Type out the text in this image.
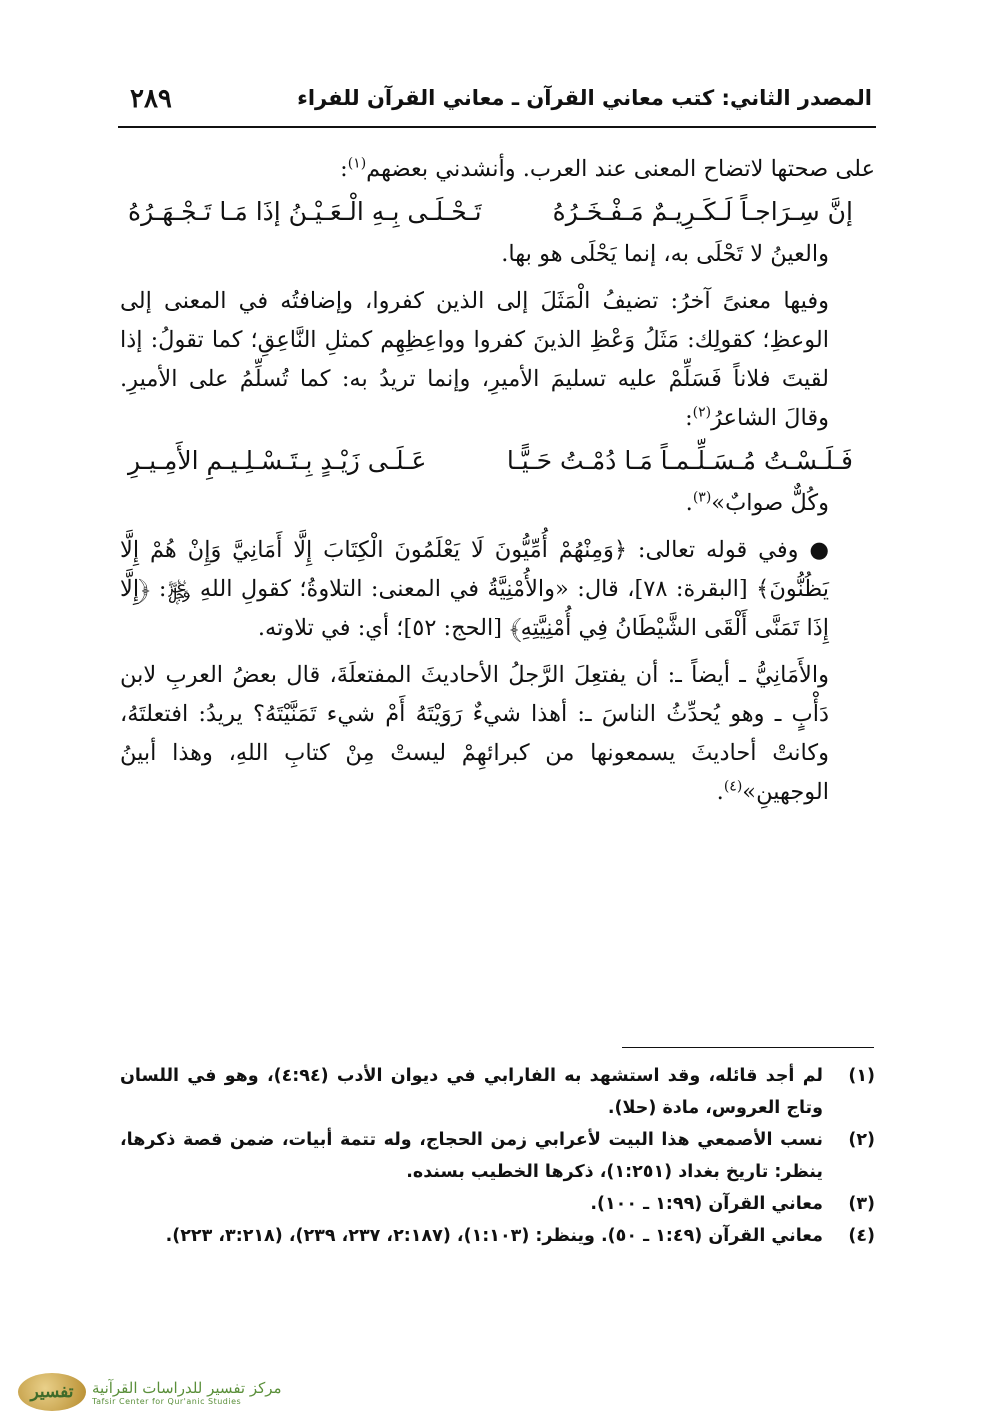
٢٨٩	المصدر الثاني: كتب معاني القرآن ـ معاني القرآن للفراء

على صحتها لاتضاح المعنى عند العرب. وأنشدني بعضهم$^{(١)}$:

إنَّ سِـرَاجـاً لَـكَـرِيـمٌ مَـفْـخَـرُهُ
تَـحْـلَـى بِـهِ الْـعَـيْـنُ إذَا مَـا تَـجْـهَـرُهُ

والعينُ لا تَحْلَى به، إنما يَحْلَى هو بها.

وفيها معنىً آخرُ: تضيفُ الْمَثَلَ إلى الذين كفروا، وإضافتُه في المعنى إلى الوعظِ؛ كقولِك: مَثَلُ وَعْظِ الذينَ كفروا وواعِظِهِم كمثلِ النَّاعِقِ؛ كما تقولُ: إذا لقيتَ فلاناً فَسَلِّمْ عليه تسليمَ الأميرِ، وإنما تريدُ به: كما تُسلِّمُ على الأميرِ. وقالَ الشاعرُ$^{(٢)}$:

فَـلَـسْـتُ مُـسَـلِّـمـاً مَـا دُمْـتُ حَـيًّـا
عَـلَـى زَيْـدٍ بِـتَـسْـلِـيـمِ الأَمِـيـرِ

وكُلٌّ صوابٌ»$^{(٣)}$.

● وفي قوله تعالى: ﴿وَمِنْهُمْ أُمِّيُّونَ لَا يَعْلَمُونَ الْكِتَابَ إِلَّا أَمَانِيَّ وَإِنْ هُمْ إِلَّا يَظُنُّونَ﴾ [البقرة: ٧٨]، قال: «والأُمْنِيَّةُ في المعنى: التلاوةُ؛ كقولِ اللهِ ﷿: ﴿إِلَّا إِذَا تَمَنَّى أَلْقَى الشَّيْطَانُ فِي أُمْنِيَّتِهِ﴾ [الحج: ٥٢]؛ أي: في تلاوته.

والأَمَانِيُّ ـ أيضاً ـ: أن يفتعِلَ الرَّجلُ الأحاديثَ المفتعلَةَ، قال بعضُ العربِ لابن دَأْبٍ ـ وهو يُحدِّثُ الناسَ ـ: أهذا شيءٌ رَوَيْتَهُ أَمْ شيء تَمَنَّيْتَهُ؟ يريدُ: افتعلتَهُ، وكانتْ أحاديثَ يسمعونها من كبرائهِمْ ليستْ مِنْ كتابِ اللهِ، وهذا أبينُ الوجهينِ»$^{(٤)}$.

(١)
لم أجد قائله، وقد استشهد به الفارابي في ديوان الأدب (٤:٩٤)، وهو في اللسان وتاج العروس، مادة (حلا).
(٢)
نسب الأصمعي هذا البيت لأعرابي زمن الحجاج، وله تتمة أبيات، ضمن قصة ذكرها، ينظر: تاريخ بغداد (١:٢٥١)، ذكرها الخطيب بسنده.
(٣)
معاني القرآن (١:٩٩ ـ ١٠٠).
(٤)
معاني القرآن (١:٤٩ ـ ٥٠). وينظر: (١:١٠٣)، (٢:١٨٧، ٢٣٧، ٢٣٩)، (٣:٢١٨، ٢٢٣).
تفسير	مركز تفسير للدراسات القرآنية
Tafsir Center for Qur'anic Studies
